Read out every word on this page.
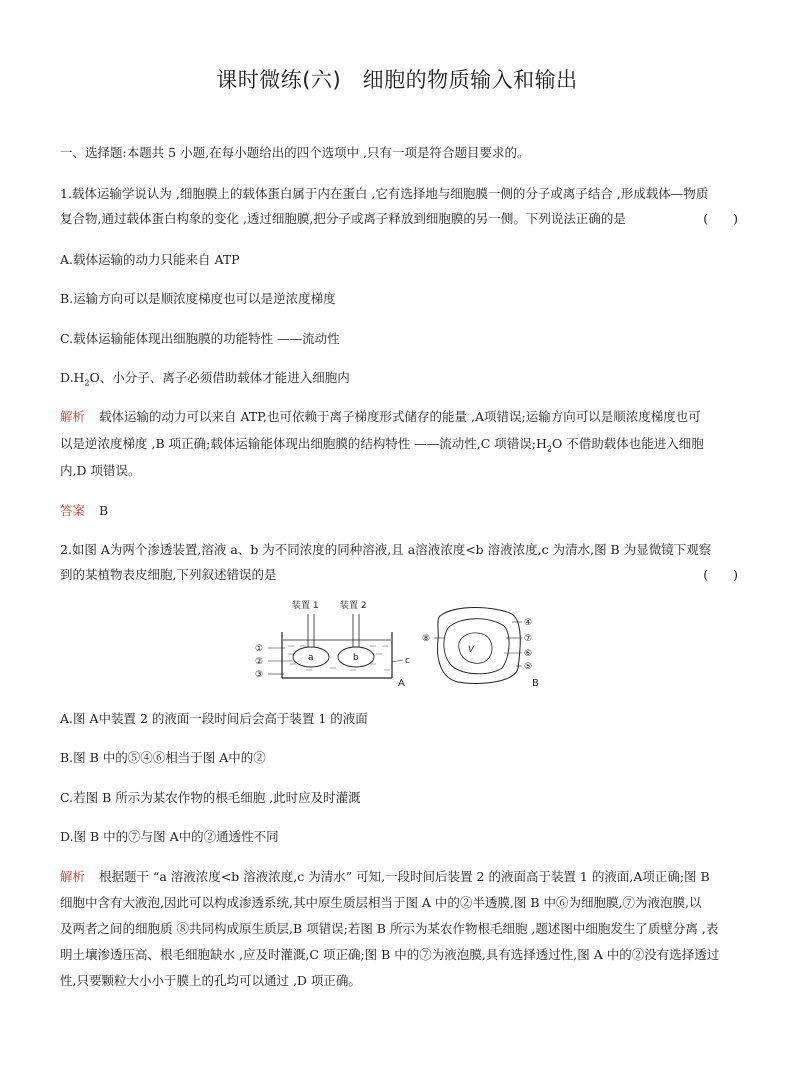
课时微练(六)　细胞的物质输入和输出
一、选择题:本题共 5 小题,在每小题给出的四个选项中 ,只有一项是符合题目要求的。
1.载体运输学说认为 ,细胞膜上的载体蛋白属于内在蛋白 ,它有选择地与细胞膜一侧的分子或离子结合 ,形成载体—物质
复合物,通过载体蛋白构象的变化 ,透过细胞膜,把分子或离子释放到细胞膜的另一侧。下列说法正确的是	(　　)
A.载体运输的动力只能来自 ATP
B.运输方向可以是顺浓度梯度也可以是逆浓度梯度
C.载体运输能体现出细胞膜的功能特性 ——流动性
$D.H_2O$、小分子、离子必须借助载体才能进入细胞内
解析 载体运输的动力可以来自 ATP,也可依赖于离子梯度形式储存的能量 ,A项错误;运输方向可以是顺浓度梯度也可
以是逆浓度梯度 ,B 项正确;载体运输能体现出细胞膜的结构特性 ——流动性,C 项错误$;H_2O$ 不借助载体也能进入细胞
内,D 项错误。
答案 B
2.如图 A为两个渗透装置,溶液 a、b 为不同浓度的同种溶液,且 a溶液浓度<b 溶液浓度,c 为清水,图 B 为显微镜下观察
到的某植物表皮细胞,下列叙述错误的是	(　　)
a
装置 1
b
装置 2
①
②
③
c
A
V
⑧
④
⑦
⑥
⑤
B
A.图 A中装置 2 的液面一段时间后会高于装置 1 的液面
B.图 B 中的⑤④⑥相当于图 A中的②
C.若图 B 所示为某农作物的根毛细胞 ,此时应及时灌溉
D.图 B 中的⑦与图 A中的②通透性不同
解析 根据题干 “a 溶液浓度<b 溶液浓度,c 为清水” 可知,一段时间后装置 2 的液面高于装置 1 的液面,A项正确;图 B
细胞中含有大液泡,因此可以构成渗透系统,其中原生质层相当于图 A 中的②半透膜,图 B 中⑥为细胞膜,⑦为液泡膜,以
及两者之间的细胞质 ⑧共同构成原生质层,B 项错误;若图 B 所示为某农作物根毛细胞 ,题述图中细胞发生了质壁分离 ,表
明土壤渗透压高、根毛细胞缺水 ,应及时灌溉,C 项正确;图 B 中的⑦为液泡膜,具有选择透过性,图 A 中的②没有选择透过
性,只要颗粒大小小于膜上的孔均可以通过 ,D 项正确。
